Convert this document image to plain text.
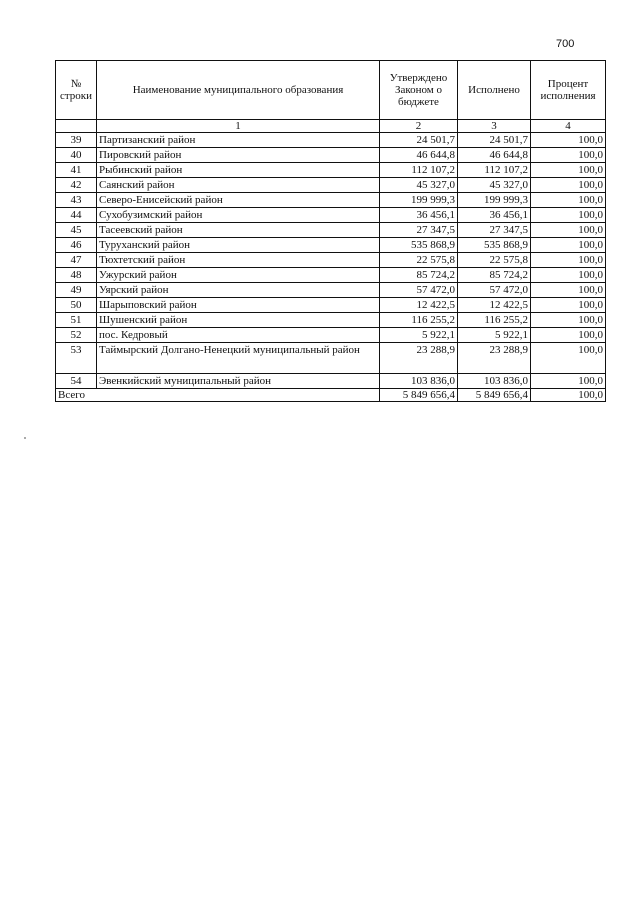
700
№ строки	Наименование муниципального образования	Утверждено Законом о бюджете	Исполнено	Процент исполнения
	1	2	3	4
39	Партизанский район	24 501,7	24 501,7	100,0
40	Пировский район	46 644,8	46 644,8	100,0
41	Рыбинский район	112 107,2	112 107,2	100,0
42	Саянский район	45 327,0	45 327,0	100,0
43	Северо-Енисейский район	199 999,3	199 999,3	100,0
44	Сухобузимский район	36 456,1	36 456,1	100,0
45	Тасеевский район	27 347,5	27 347,5	100,0
46	Туруханский район	535 868,9	535 868,9	100,0
47	Тюхтетский район	22 575,8	22 575,8	100,0
48	Ужурский район	85 724,2	85 724,2	100,0
49	Уярский район	57 472,0	57 472,0	100,0
50	Шарыповский район	12 422,5	12 422,5	100,0
51	Шушенский район	116 255,2	116 255,2	100,0
52	пос. Кедровый	5 922,1	5 922,1	100,0
53	Таймырский Долгано-Ненецкий муниципальный район	23 288,9	23 288,9	100,0
54	Эвенкийский муниципальный район	103 836,0	103 836,0	100,0
Всего		5 849 656,4	5 849 656,4	100,0
